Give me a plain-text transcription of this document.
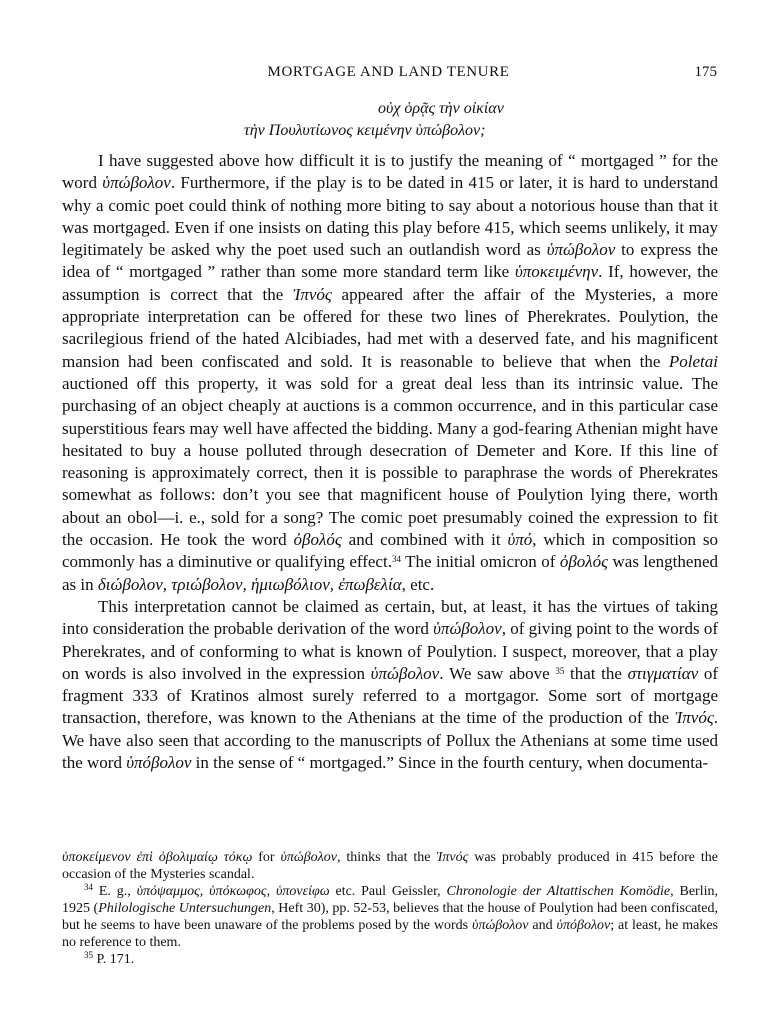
MORTGAGE AND LAND TENURE	175
οὐχ ὁρᾷς τὴν οἰκίαν
τὴν Πουλυτίωνος κειμένην ὑπώβολον;

I have suggested above how difficult it is to justify the meaning of “ mortgaged ” for the word ὑπώβολον. Furthermore, if the play is to be dated in 415 or later, it is hard to understand why a comic poet could think of nothing more biting to say about a notorious house than that it was mortgaged. Even if one insists on dating this play before 415, which seems unlikely, it may legitimately be asked why the poet used such an outlandish word as ὑπώβολον to express the idea of “ mortgaged ” rather than some more standard term like ὑποκειμένην. If, however, the assumption is correct that the Ἰπνός appeared after the affair of the Mysteries, a more appropriate interpretation can be offered for these two lines of Pherekrates. Poulytion, the sacrilegious friend of the hated Alcibiades, had met with a deserved fate, and his magnificent mansion had been confiscated and sold. It is reasonable to believe that when the Poletai auctioned off this property, it was sold for a great deal less than its intrinsic value. The purchasing of an object cheaply at auctions is a common occurrence, and in this particular case superstitious fears may well have affected the bidding. Many a god-fearing Athenian might have hesitated to buy a house polluted through desecration of Demeter and Kore. If this line of reasoning is approximately correct, then it is possible to paraphrase the words of Pherekrates somewhat as follows: don’t you see that magnificent house of Poulytion lying there, worth about an obol—i. e., sold for a song? The comic poet presumably coined the expression to fit the occasion. He took the word ὀβολός and combined with it ὑπό, which in composition so commonly has a diminutive or qualifying effect.$^{34}$ The initial omicron of ὀβολός was lengthened as in διώβολον, τριώβολον, ἡμιωβόλιον, ἐπωβελία, etc.

This interpretation cannot be claimed as certain, but, at least, it has the virtues of taking into consideration the probable derivation of the word ὑπώβολον, of giving point to the words of Pherekrates, and of conforming to what is known of Poulytion. I suspect, moreover, that a play on words is also involved in the expression ὑπώβολον. We saw above $^{35}$ that the στιγματίαν of fragment 333 of Kratinos almost surely referred to a mortgagor. Some sort of mortgage transaction, therefore, was known to the Athenians at the time of the production of the Ἰπνός. We have also seen that according to the manuscripts of Pollux the Athenians at some time used the word ὑπόβολον in the sense of “ mortgaged.” Since in the fourth century, when documenta-

ὑποκείμενον ἐπὶ ὀβολιμαίῳ τόκῳ for ὑπώβολον, thinks that the Ἰπνός was probably produced in 415 before the occasion of the Mysteries scandal.

$^{34}$ E. g., ὑπόψαμμος, ὑπόκωφος, ὑπονείφω etc. Paul Geissler, Chronologie der Altattischen Komödie, Berlin, 1925 (Philologische Untersuchungen, Heft 30), pp. 52-53, believes that the house of Poulytion had been confiscated, but he seems to have been unaware of the problems posed by the words ὑπώβολον and ὑπόβολον; at least, he makes no reference to them.

$^{35}$ P. 171.
